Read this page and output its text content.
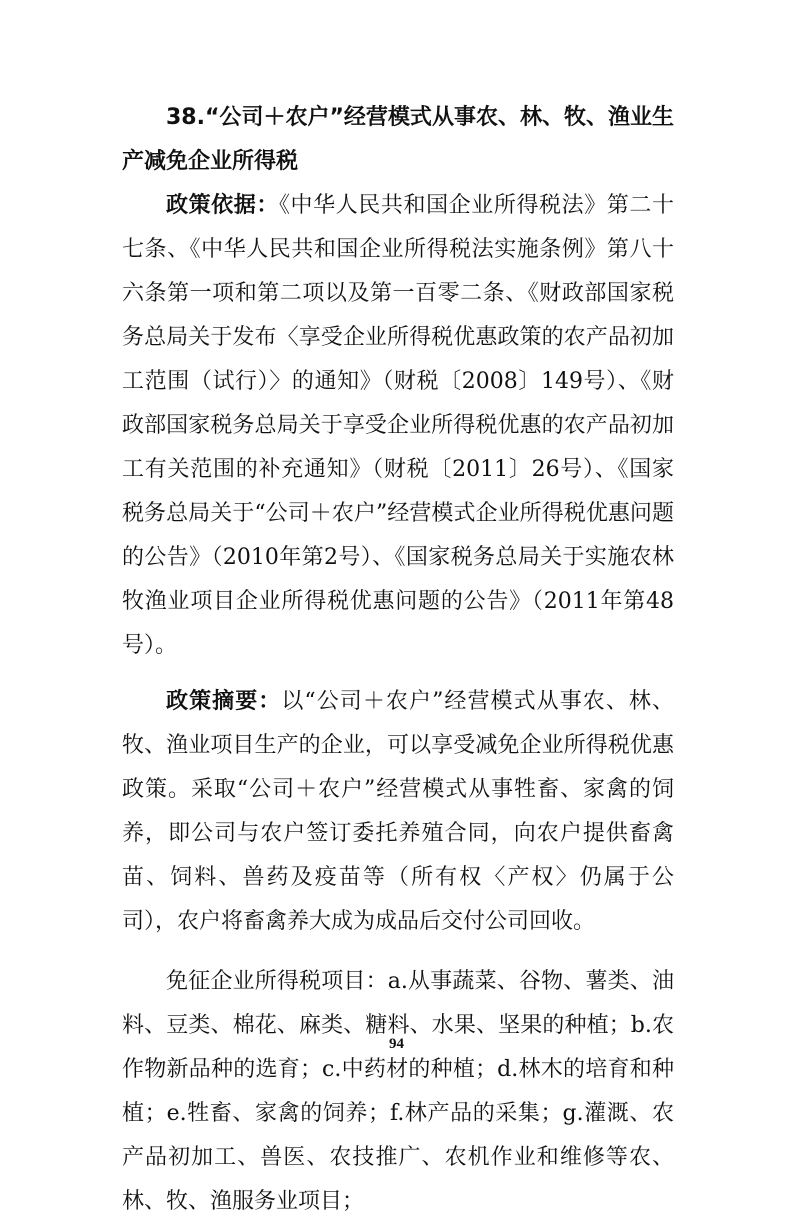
38.“公司＋农户”经营模式从事农、林、牧、渔业生产减免企业所得税

政策依据：《中华人民共和国企业所得税法》第二十七条、《中华人民共和国企业所得税法实施条例》第八十六条第一项和第二项以及第一百零二条、《财政部国家税务总局关于发布〈享受企业所得税优惠政策的农产品初加工范围（试行）〉的通知》（财税〔2008〕149号）、《财政部国家税务总局关于享受企业所得税优惠的农产品初加工有关范围的补充通知》（财税〔2011〕26号）、《国家税务总局关于“公司＋农户”经营模式企业所得税优惠问题的公告》（2010年第2号）、《国家税务总局关于实施农林牧渔业项目企业所得税优惠问题的公告》（2011年第48号）。

政策摘要：以“公司＋农户”经营模式从事农、林、牧、渔业项目生产的企业，可以享受减免企业所得税优惠政策。采取“公司＋农户”经营模式从事牲畜、家禽的饲养，即公司与农户签订委托养殖合同，向农户提供畜禽苗、饲料、兽药及疫苗等（所有权〈产权〉仍属于公司），农户将畜禽养大成为成品后交付公司回收。

免征企业所得税项目：a.从事蔬菜、谷物、薯类、油料、豆类、棉花、麻类、糖料、水果、坚果的种植；b.农作物新品种的选育；c.中药材的种植；d.林木的培育和种植；e.牲畜、家禽的饲养；f.林产品的采集；g.灌溉、农产品初加工、兽医、农技推广、农机作业和维修等农、林、牧、渔服务业项目；

94
